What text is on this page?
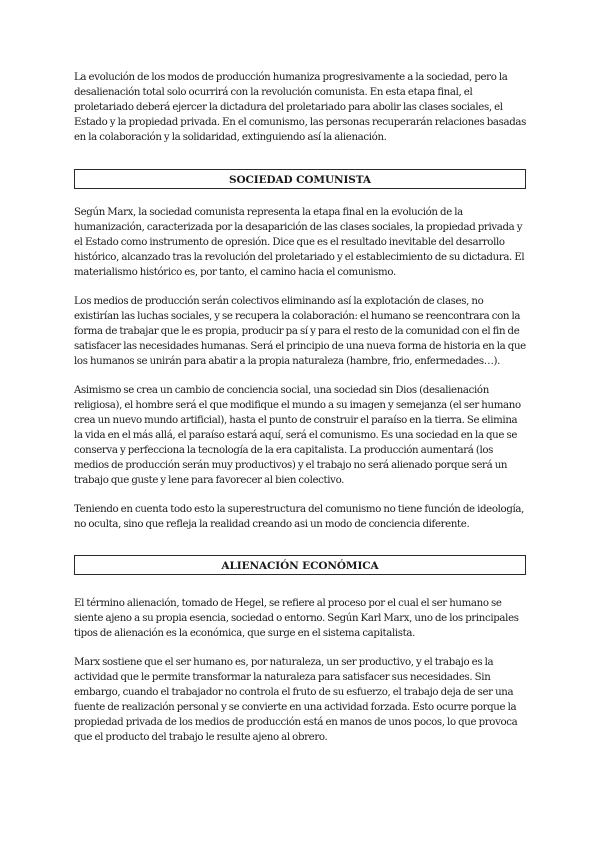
La evolución de los modos de producción humaniza progresivamente a la sociedad, pero la desalienación total solo ocurrirá con la revolución comunista. En esta etapa final, el proletariado deberá ejercer la dictadura del proletariado para abolir las clases sociales, el Estado y la propiedad privada. En el comunismo, las personas recuperarán relaciones basadas en la colaboración y la solidaridad, extinguiendo así la alienación.

SOCIEDAD COMUNISTA

Según Marx, la sociedad comunista representa la etapa final en la evolución de la humanización, caracterizada por la desaparición de las clases sociales, la propiedad privada y el Estado como instrumento de opresión. Dice que es el resultado inevitable del desarrollo histórico, alcanzado tras la revolución del proletariado y el establecimiento de su dictadura. El materialismo histórico es, por tanto, el camino hacia el comunismo.

Los medios de producción serán colectivos eliminando así la explotación de clases, no existirían las luchas sociales, y se recupera la colaboración: el humano se reencontrara con la forma de trabajar que le es propia, producir pa sí y para el resto de la comunidad con el fin de satisfacer las necesidades humanas. Será el principio de una nueva forma de historia en la que los humanos se unirán para abatir a la propia naturaleza (hambre, frio, enfermedades…).

Asimismo se crea un cambio de conciencia social, una sociedad sin Dios (desalienación religiosa), el hombre será el que modifique el mundo a su imagen y semejanza (el ser humano crea un nuevo mundo artificial), hasta el punto de construir el paraíso en la tierra. Se elimina la vida en el más allá, el paraíso estará aquí, será el comunismo. Es una sociedad en la que se conserva y perfecciona la tecnología de la era capitalista. La producción aumentará (los medios de producción serán muy productivos) y el trabajo no será alienado porque será un trabajo que guste y lene para favorecer al bien colectivo.

Teniendo en cuenta todo esto la superestructura del comunismo no tiene función de ideología, no oculta, sino que refleja la realidad creando asi un modo de conciencia diferente.

ALIENACIÓN ECONÓMICA

El término alienación, tomado de Hegel, se refiere al proceso por el cual el ser humano se siente ajeno a su propia esencia, sociedad o entorno. Según Karl Marx, uno de los principales tipos de alienación es la económica, que surge en el sistema capitalista.

Marx sostiene que el ser humano es, por naturaleza, un ser productivo, y el trabajo es la actividad que le permite transformar la naturaleza para satisfacer sus necesidades. Sin embargo, cuando el trabajador no controla el fruto de su esfuerzo, el trabajo deja de ser una fuente de realización personal y se convierte en una actividad forzada. Esto ocurre porque la propiedad privada de los medios de producción está en manos de unos pocos, lo que provoca que el producto del trabajo le resulte ajeno al obrero.
